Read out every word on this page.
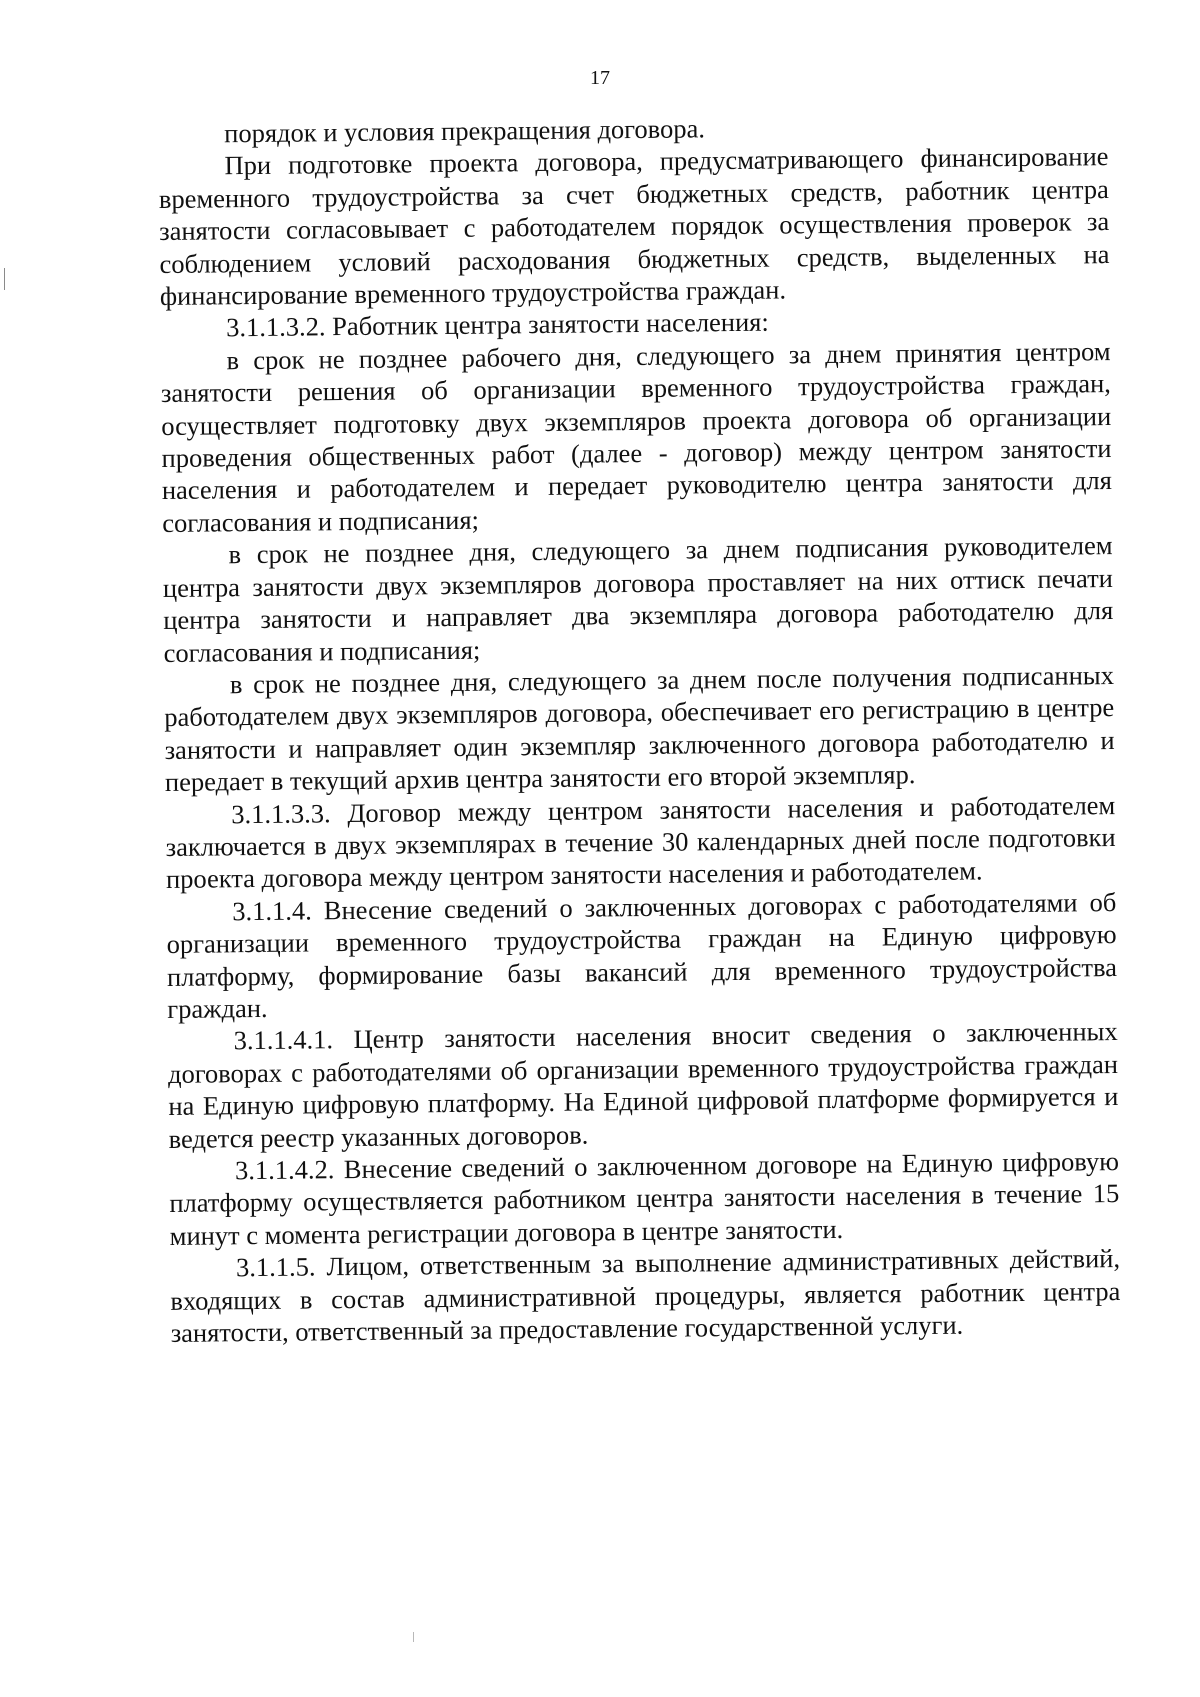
17

порядок и условия прекращения договора.

При подготовке проекта договора, предусматривающего финансирование временного трудоустройства за счет бюджетных средств, работник центра занятости согласовывает с работодателем порядок осуществления проверок за соблюдением условий расходования бюджетных средств, выделенных на финансирование временного трудоустройства граждан.

3.1.1.3.2. Работник центра занятости населения:

в срок не позднее рабочего дня, следующего за днем принятия центром занятости решения об организации временного трудоустройства граждан, осуществляет подготовку двух экземпляров проекта договора об организации проведения общественных работ (далее - договор) между центром занятости населения и работодателем и передает руководителю центра занятости для согласования и подписания;

в срок не позднее дня, следующего за днем подписания руководителем центра занятости двух экземпляров договора проставляет на них оттиск печати центра занятости и направляет два экземпляра договора работодателю для согласования и подписания;

в срок не позднее дня, следующего за днем после получения подписанных работодателем двух экземпляров договора, обеспечивает его регистрацию в центре занятости и направляет один экземпляр заключенного договора работодателю и передает в текущий архив центра занятости его второй экземпляр.

3.1.1.3.3. Договор между центром занятости населения и работодателем заключается в двух экземплярах в течение 30 календарных дней после подготовки проекта договора между центром занятости населения и работодателем.

3.1.1.4. Внесение сведений о заключенных договорах с работодателями об организации временного трудоустройства граждан на Единую цифровую платформу, формирование базы вакансий для временного трудоустройства граждан.

3.1.1.4.1. Центр занятости населения вносит сведения о заключенных договорах с работодателями об организации временного трудоустройства граждан на Единую цифровую платформу. На Единой цифровой платформе формируется и ведется реестр указанных договоров.

3.1.1.4.2. Внесение сведений о заключенном договоре на Единую цифровую платформу осуществляется работником центра занятости населения в течение 15 минут с момента регистрации договора в центре занятости.

3.1.1.5. Лицом, ответственным за выполнение административных действий, входящих в состав административной процедуры, является работник центра занятости, ответственный за предоставление государственной услуги.
